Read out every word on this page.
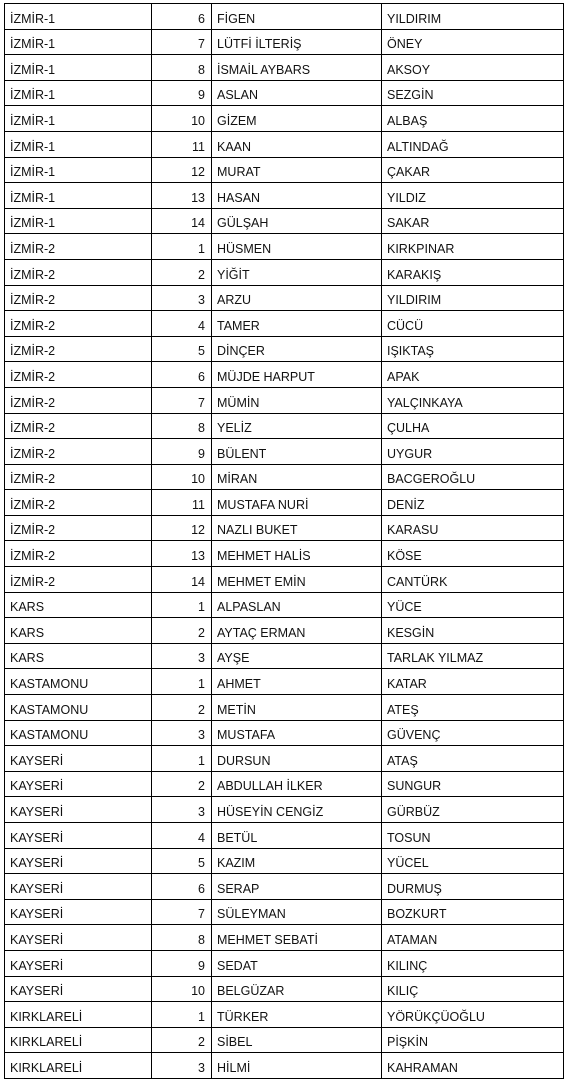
İZMİR-1	6	FİGEN	YILDIRIM
İZMİR-1	7	LÜTFİ İLTERİŞ	ÖNEY
İZMİR-1	8	İSMAİL AYBARS	AKSOY
İZMİR-1	9	ASLAN	SEZGİN
İZMİR-1	10	GİZEM	ALBAŞ
İZMİR-1	11	KAAN	ALTINDAĞ
İZMİR-1	12	MURAT	ÇAKAR
İZMİR-1	13	HASAN	YILDIZ
İZMİR-1	14	GÜLŞAH	SAKAR
İZMİR-2	1	HÜSMEN	KIRKPINAR
İZMİR-2	2	YİĞİT	KARAKIŞ
İZMİR-2	3	ARZU	YILDIRIM
İZMİR-2	4	TAMER	CÜCÜ
İZMİR-2	5	DİNÇER	IŞIKTAŞ
İZMİR-2	6	MÜJDE HARPUT	APAK
İZMİR-2	7	MÜMİN	YALÇINKAYA
İZMİR-2	8	YELİZ	ÇULHA
İZMİR-2	9	BÜLENT	UYGUR
İZMİR-2	10	MİRAN	BACGEROĞLU
İZMİR-2	11	MUSTAFA NURİ	DENİZ
İZMİR-2	12	NAZLI BUKET	KARASU
İZMİR-2	13	MEHMET HALİS	KÖSE
İZMİR-2	14	MEHMET EMİN	CANTÜRK
KARS	1	ALPASLAN	YÜCE
KARS	2	AYTAÇ ERMAN	KESGİN
KARS	3	AYŞE	TARLAK YILMAZ
KASTAMONU	1	AHMET	KATAR
KASTAMONU	2	METİN	ATEŞ
KASTAMONU	3	MUSTAFA	GÜVENÇ
KAYSERİ	1	DURSUN	ATAŞ
KAYSERİ	2	ABDULLAH İLKER	SUNGUR
KAYSERİ	3	HÜSEYİN CENGİZ	GÜRBÜZ
KAYSERİ	4	BETÜL	TOSUN
KAYSERİ	5	KAZIM	YÜCEL
KAYSERİ	6	SERAP	DURMUŞ
KAYSERİ	7	SÜLEYMAN	BOZKURT
KAYSERİ	8	MEHMET SEBATİ	ATAMAN
KAYSERİ	9	SEDAT	KILINÇ
KAYSERİ	10	BELGÜZAR	KILIÇ
KIRKLARELİ	1	TÜRKER	YÖRÜKÇÜOĞLU
KIRKLARELİ	2	SİBEL	PİŞKİN
KIRKLARELİ	3	HİLMİ	KAHRAMAN
